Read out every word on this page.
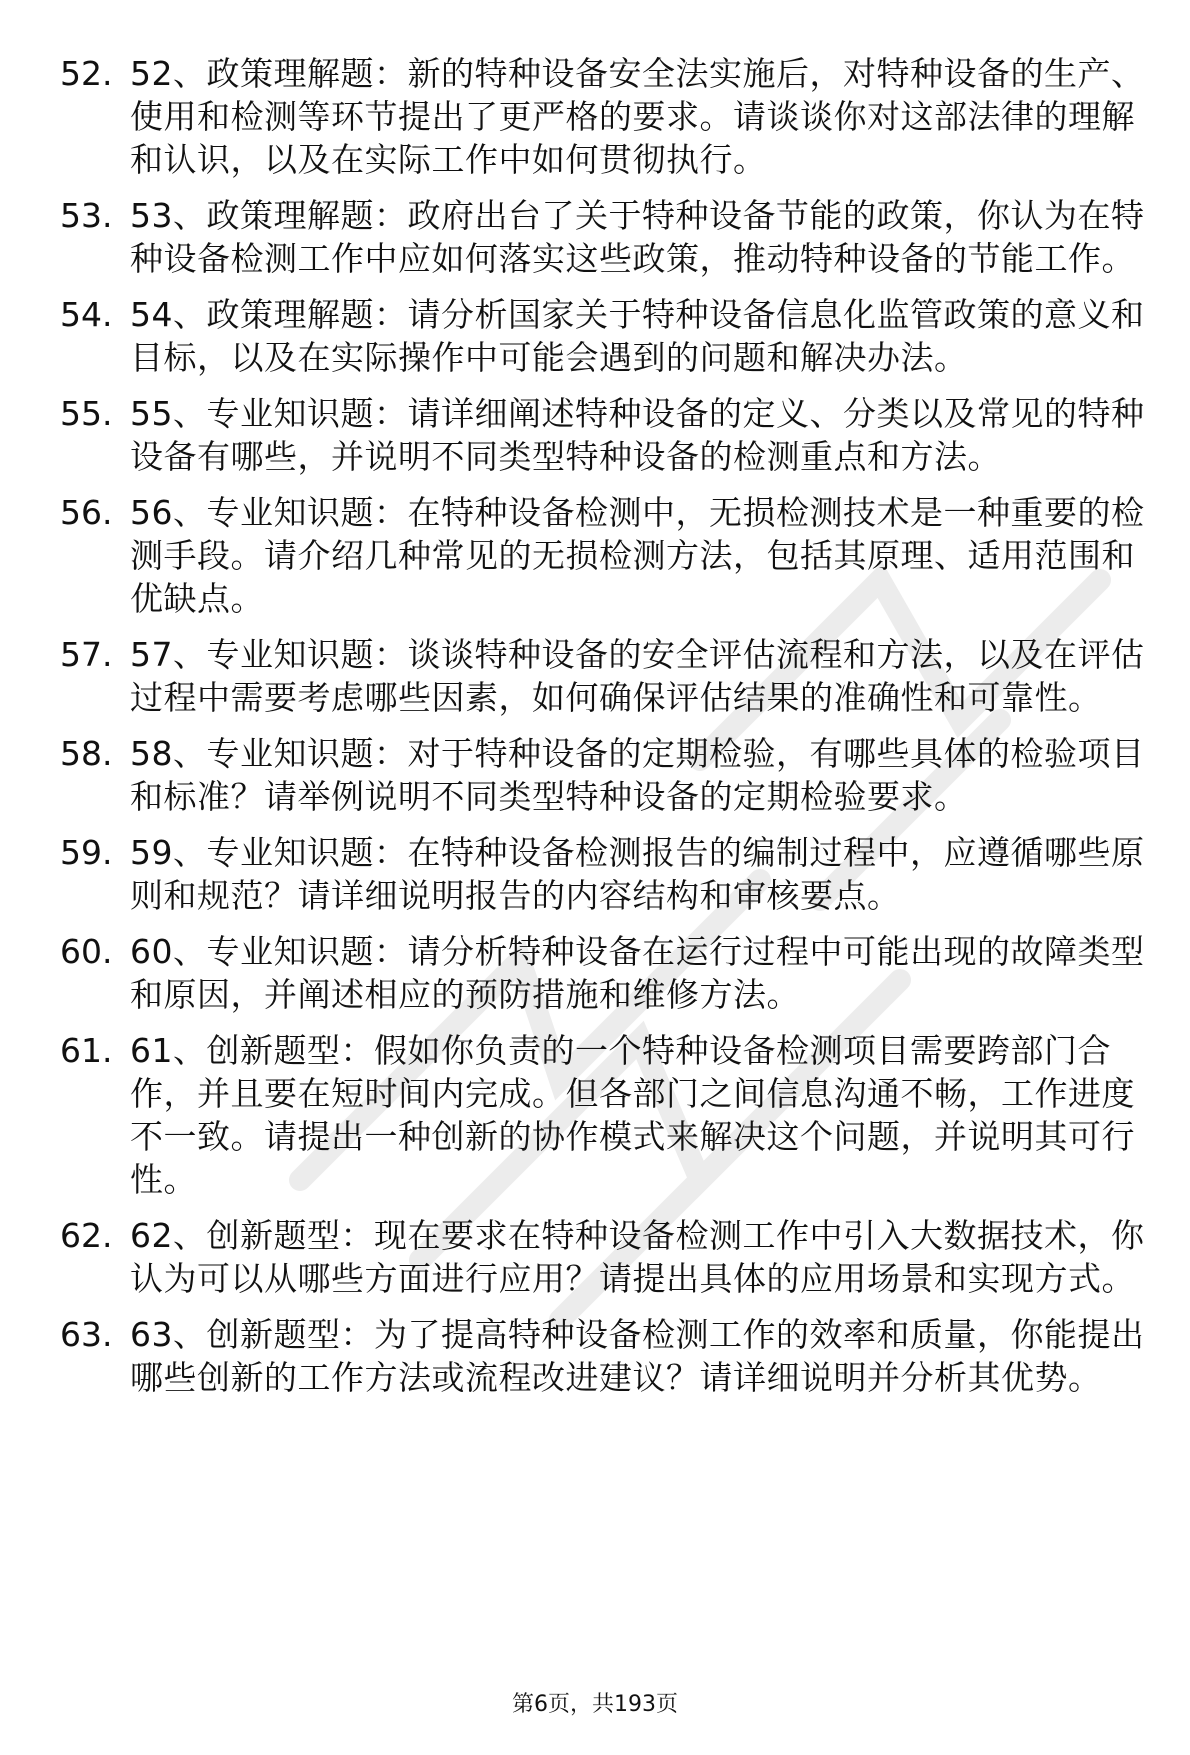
52. 52、政策理解题：新的特种设备安全法实施后，对特种设备的生产、使用和检测等环节提出了更严格的要求。请谈谈你对这部法律的理解和认识，以及在实际工作中如何贯彻执行。
53. 53、政策理解题：政府出台了关于特种设备节能的政策，你认为在特种设备检测工作中应如何落实这些政策，推动特种设备的节能工作。
54. 54、政策理解题：请分析国家关于特种设备信息化监管政策的意义和目标，以及在实际操作中可能会遇到的问题和解决办法。
55. 55、专业知识题：请详细阐述特种设备的定义、分类以及常见的特种设备有哪些，并说明不同类型特种设备的检测重点和方法。
56. 56、专业知识题：在特种设备检测中，无损检测技术是一种重要的检测手段。请介绍几种常见的无损检测方法，包括其原理、适用范围和优缺点。
57. 57、专业知识题：谈谈特种设备的安全评估流程和方法，以及在评估过程中需要考虑哪些因素，如何确保评估结果的准确性和可靠性。
58. 58、专业知识题：对于特种设备的定期检验，有哪些具体的检验项目和标准？请举例说明不同类型特种设备的定期检验要求。
59. 59、专业知识题：在特种设备检测报告的编制过程中，应遵循哪些原则和规范？请详细说明报告的内容结构和审核要点。
60. 60、专业知识题：请分析特种设备在运行过程中可能出现的故障类型和原因，并阐述相应的预防措施和维修方法。
61. 61、创新题型：假如你负责的一个特种设备检测项目需要跨部门合作，并且要在短时间内完成。但各部门之间信息沟通不畅，工作进度不一致。请提出一种创新的协作模式来解决这个问题，并说明其可行性。
62. 62、创新题型：现在要求在特种设备检测工作中引入大数据技术，你认为可以从哪些方面进行应用？请提出具体的应用场景和实现方式。
63. 63、创新题型：为了提高特种设备检测工作的效率和质量，你能提出哪些创新的工作方法或流程改进建议？请详细说明并分析其优势。
第6页，共193页
